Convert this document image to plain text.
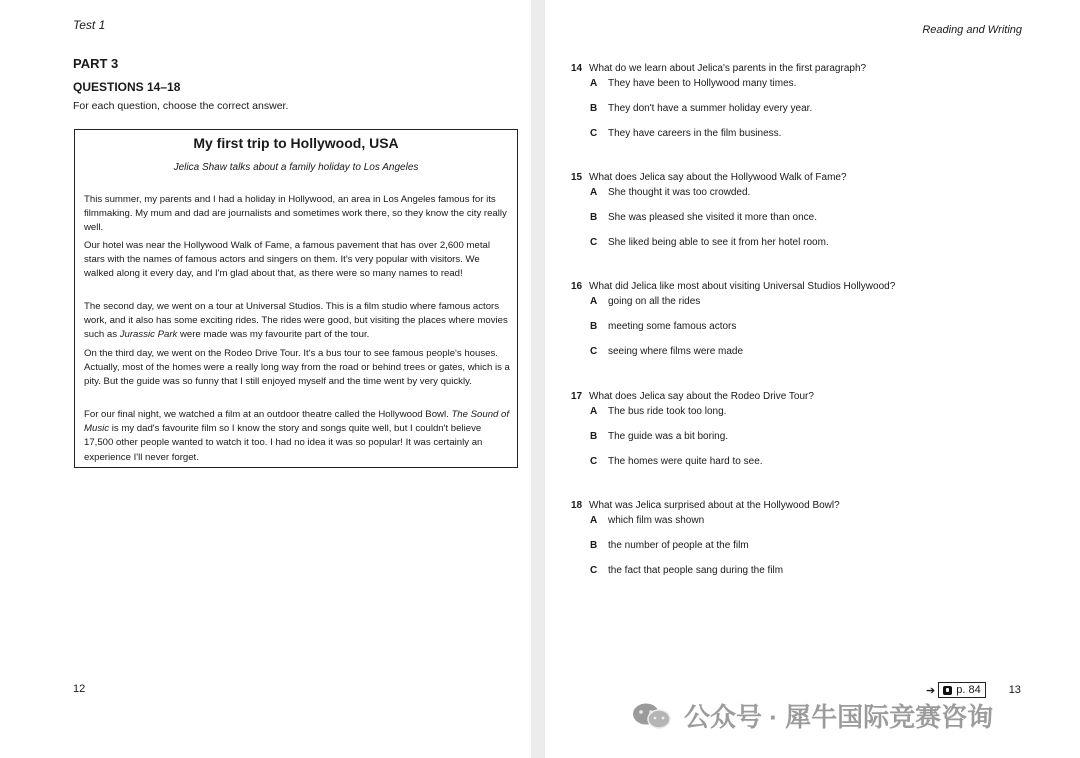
Test 1
PART 3
QUESTIONS 14–18
For each question, choose the correct answer.
My first trip to Hollywood, USA
Jelica Shaw talks about a family holiday to Los Angeles
This summer, my parents and I had a holiday in Hollywood, an area in Los Angeles famous for its filmmaking. My mum and dad are journalists and sometimes work there, so they know the city really well.
Our hotel was near the Hollywood Walk of Fame, a famous pavement that has over 2,600 metal stars with the names of famous actors and singers on them. It's very popular with visitors. We walked along it every day, and I'm glad about that, as there were so many names to read!
The second day, we went on a tour at Universal Studios. This is a film studio where famous actors work, and it also has some exciting rides. The rides were good, but visiting the places where movies such as Jurassic Park were made was my favourite part of the tour.
On the third day, we went on the Rodeo Drive Tour. It's a bus tour to see famous people's houses. Actually, most of the homes were a really long way from the road or behind trees or gates, which is a pity. But the guide was so funny that I still enjoyed myself and the time went by very quickly.
For our final night, we watched a film at an outdoor theatre called the Hollywood Bowl. The Sound of Music is my dad's favourite film so I know the story and songs quite well, but I couldn't believe 17,500 other people wanted to watch it too. I had no idea it was so popular! It was certainly an experience I'll never forget.
12
Reading and Writing
14 What do we learn about Jelica's parents in the first paragraph?
A They have been to Hollywood many times.
B They don't have a summer holiday every year.
C They have careers in the film business.
15 What does Jelica say about the Hollywood Walk of Fame?
A She thought it was too crowded.
B She was pleased she visited it more than once.
C She liked being able to see it from her hotel room.
16 What did Jelica like most about visiting Universal Studios Hollywood?
A going on all the rides
B meeting some famous actors
C seeing where films were made
17 What does Jelica say about the Rodeo Drive Tour?
A The bus ride took too long.
B The guide was a bit boring.
C The homes were quite hard to see.
18 What was Jelica surprised about at the Hollywood Bowl?
A which film was shown
B the number of people at the film
C the fact that people sang during the film
➔ p. 84	13
公众号 · 犀牛国际竞赛咨询
